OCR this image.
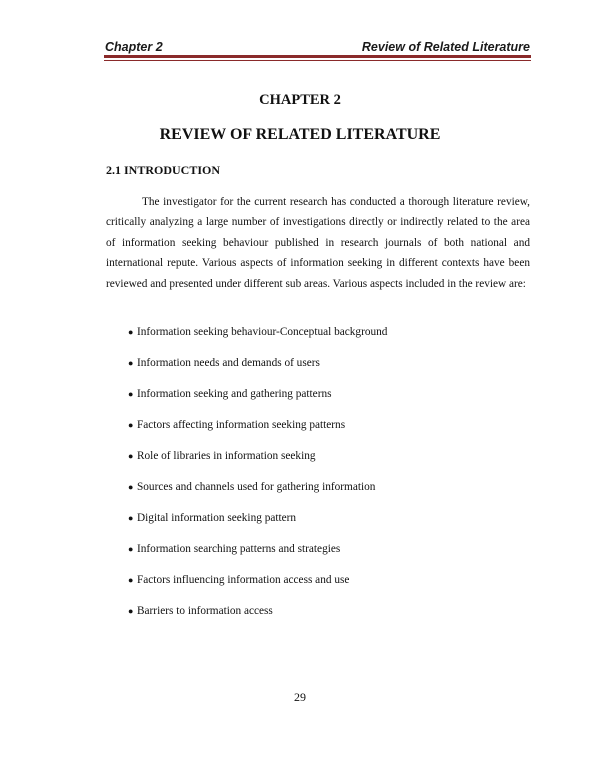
Chapter 2	Review of Related Literature
CHAPTER 2
REVIEW OF RELATED LITERATURE
2.1 INTRODUCTION

The investigator for the current research has conducted a thorough literature review, critically analyzing a large number of investigations directly or indirectly related to the area of information seeking behaviour published in research journals of both national and international repute. Various aspects of information seeking in different contexts have been reviewed and presented under different sub areas. Various aspects included in the review are:

● Information seeking behaviour-Conceptual background
● Information needs and demands of users
● Information seeking and gathering patterns
● Factors affecting information seeking patterns
● Role of libraries in information seeking
● Sources and channels used for gathering information
● Digital information seeking pattern
● Information searching patterns and strategies
● Factors influencing information access and use
● Barriers to information access
29
